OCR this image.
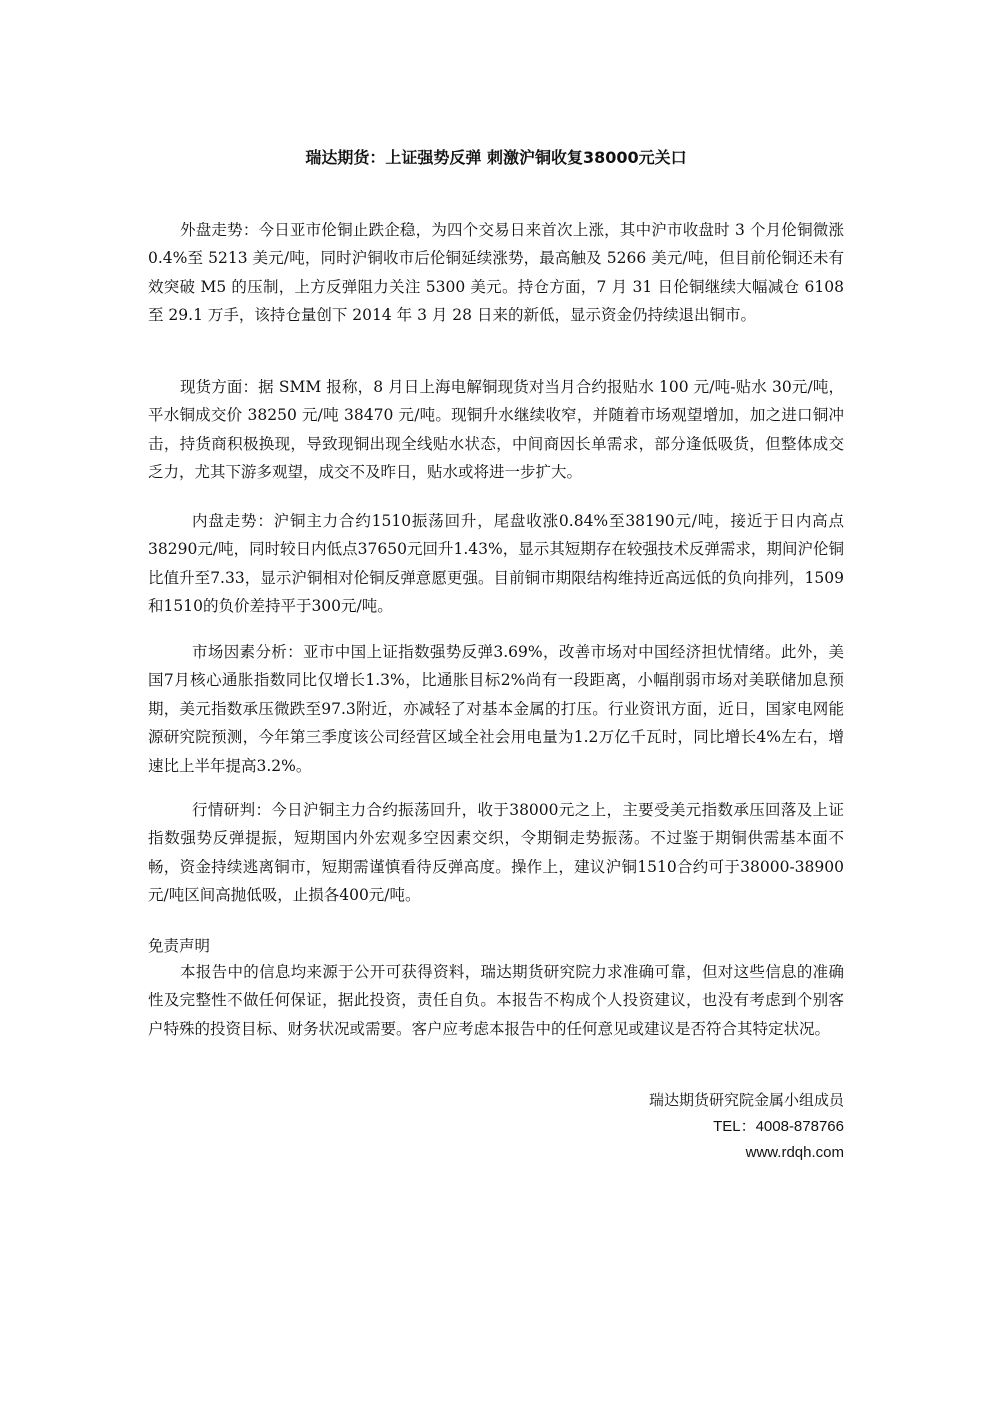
瑞达期货：上证强势反弹 刺激沪铜收复38000元关口

外盘走势：今日亚市伦铜止跌企稳，为四个交易日来首次上涨，其中沪市收盘时 3 个月伦铜微涨 0.4%至 5213 美元/吨，同时沪铜收市后伦铜延续涨势，最高触及 5266 美元/吨，但目前伦铜还未有效突破 M5 的压制，上方反弹阻力关注 5300 美元。持仓方面，7 月 31 日伦铜继续大幅减仓 6108 至 29.1 万手，该持仓量创下 2014 年 3 月 28 日来的新低，显示资金仍持续退出铜市。

现货方面：据 SMM 报称，8 月日上海电解铜现货对当月合约报贴水 100 元/吨-贴水 30元/吨，平水铜成交价 38250 元/吨 38470 元/吨。现铜升水继续收窄，并随着市场观望增加，加之进口铜冲击，持货商积极换现，导致现铜出现全线贴水状态，中间商因长单需求，部分逢低吸货，但整体成交乏力，尤其下游多观望，成交不及昨日，贴水或将进一步扩大。

内盘走势：沪铜主力合约1510振荡回升，尾盘收涨0.84%至38190元/吨，接近于日内高点38290元/吨，同时较日内低点37650元回升1.43%，显示其短期存在较强技术反弹需求，期间沪伦铜比值升至7.33，显示沪铜相对伦铜反弹意愿更强。目前铜市期限结构维持近高远低的负向排列，1509和1510的负价差持平于300元/吨。

市场因素分析：亚市中国上证指数强势反弹3.69%，改善市场对中国经济担忧情绪。此外，美国7月核心通胀指数同比仅增长1.3%，比通胀目标2%尚有一段距离，小幅削弱市场对美联储加息预期，美元指数承压微跌至97.3附近，亦减轻了对基本金属的打压。行业资讯方面，近日，国家电网能源研究院预测，今年第三季度该公司经营区域全社会用电量为1.2万亿千瓦时，同比增长4%左右，增速比上半年提高3.2%。

行情研判：今日沪铜主力合约振荡回升，收于38000元之上，主要受美元指数承压回落及上证指数强势反弹提振，短期国内外宏观多空因素交织，令期铜走势振荡。不过鉴于期铜供需基本面不畅，资金持续逃离铜市，短期需谨慎看待反弹高度。操作上，建议沪铜1510合约可于38000-38900元/吨区间高抛低吸，止损各400元/吨。

免责声明

本报告中的信息均来源于公开可获得资料，瑞达期货研究院力求准确可靠，但对这些信息的准确性及完整性不做任何保证，据此投资，责任自负。本报告不构成个人投资建议，也没有考虑到个别客户特殊的投资目标、财务状况或需要。客户应考虑本报告中的任何意见或建议是否符合其特定状况。

瑞达期货研究院金属小组成员
TEL：4008-878766
www.rdqh.com
